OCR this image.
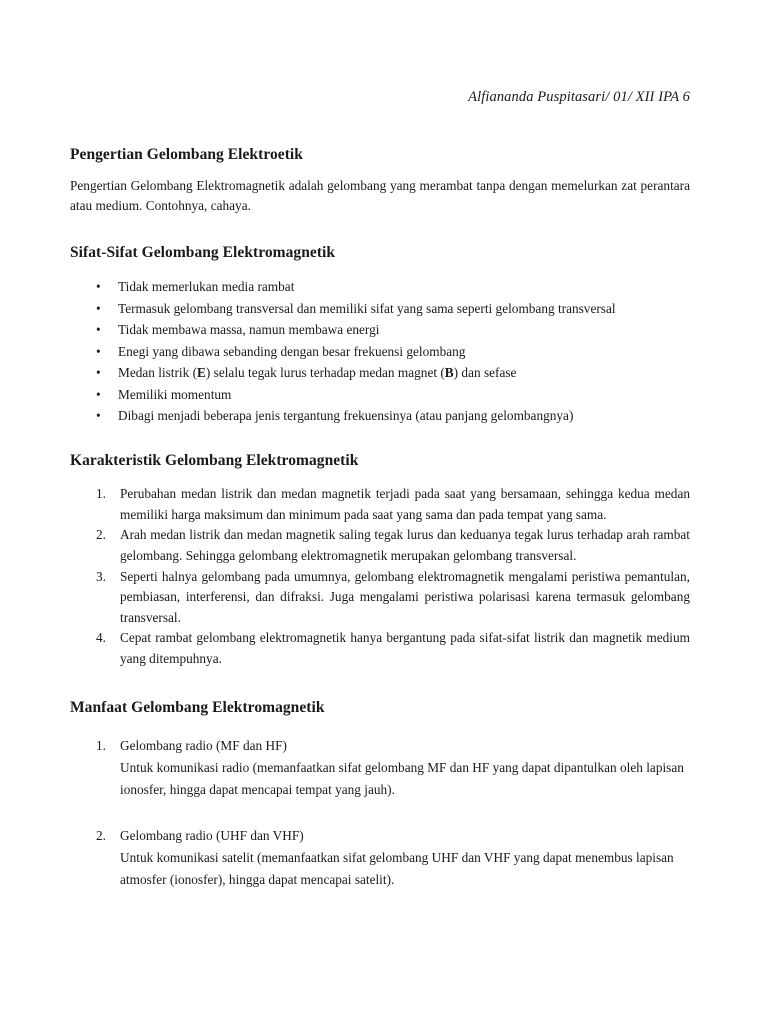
Alfiananda Puspitasari/ 01/ XII IPA 6
Pengertian Gelombang Elektroetik

Pengertian Gelombang Elektromagnetik adalah gelombang yang merambat tanpa dengan memelurkan zat perantara atau medium. Contohnya, cahaya.

Sifat-Sifat Gelombang Elektromagnetik
• Tidak memerlukan media rambat
• Termasuk gelombang transversal dan memiliki sifat yang sama seperti gelombang transversal
• Tidak membawa massa, namun membawa energi
• Enegi yang dibawa sebanding dengan besar frekuensi gelombang
• Medan listrik (E) selalu tegak lurus terhadap medan magnet (B) dan sefase
• Memiliki momentum
• Dibagi menjadi beberapa jenis tergantung frekuensinya (atau panjang gelombangnya)
Karakteristik Gelombang Elektromagnetik
1.	Perubahan medan listrik dan medan magnetik terjadi pada saat yang bersamaan, sehingga kedua medan memiliki harga maksimum dan minimum pada saat yang sama dan pada tempat yang sama.
2.	Arah medan listrik dan medan magnetik saling tegak lurus dan keduanya tegak lurus terhadap arah rambat gelombang. Sehingga gelombang elektromagnetik merupakan gelombang transversal.
3.	Seperti halnya gelombang pada umumnya, gelombang elektromagnetik mengalami peristiwa pemantulan, pembiasan, interferensi, dan difraksi. Juga mengalami peristiwa polarisasi karena termasuk gelombang transversal.
4.	Cepat rambat gelombang elektromagnetik hanya bergantung pada sifat-sifat listrik dan magnetik medium yang ditempuhnya.
Manfaat Gelombang Elektromagnetik
1.	Gelombang radio (MF dan HF)
Untuk komunikasi radio (memanfaatkan sifat gelombang MF dan HF yang dapat dipantulkan oleh lapisan ionosfer, hingga dapat mencapai tempat yang jauh).
2.	Gelombang radio (UHF dan VHF)
Untuk komunikasi satelit (memanfaatkan sifat gelombang UHF dan VHF yang dapat menembus lapisan atmosfer (ionosfer), hingga dapat mencapai satelit).
